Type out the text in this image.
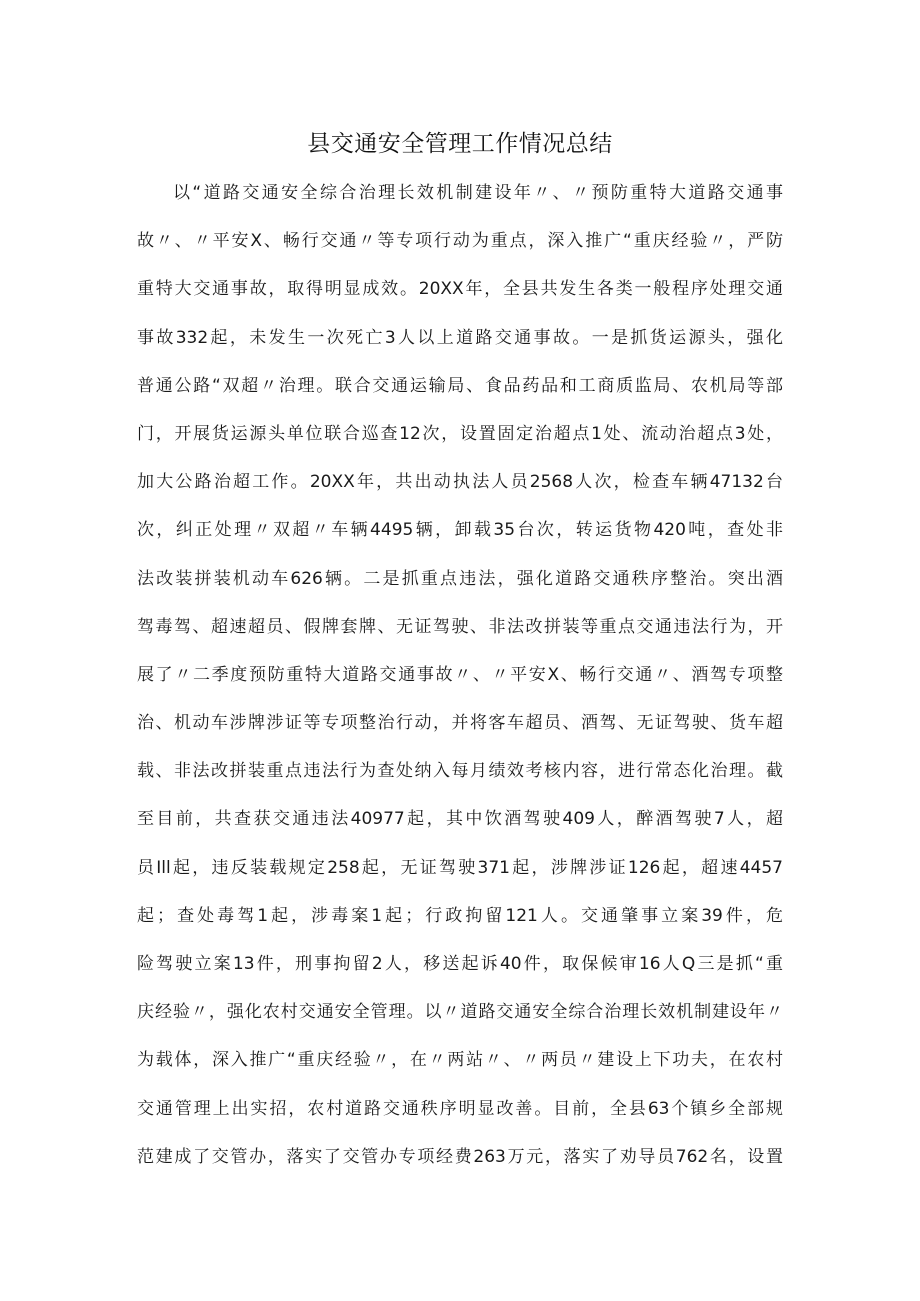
县交通安全管理工作情况总结
以“道路交通安全综合治理长效机制建设年〃、〃预防重特大道路交通事
故〃、〃平安X、畅行交通〃等专项行动为重点，深入推广“重庆经验〃，严防
重特大交通事故，取得明显成效。20XX年，全县共发生各类一般程序处理交通
事故332起，未发生一次死亡3人以上道路交通事故。一是抓货运源头，强化
普通公路“双超〃治理。联合交通运输局、食品药品和工商质监局、农机局等部
门，开展货运源头单位联合巡查12次，设置固定治超点1处、流动治超点3处，
加大公路治超工作。20XX年，共出动执法人员2568人次，检查车辆47132台
次，纠正处理〃双超〃车辆4495辆，卸载35台次，转运货物420吨，查处非
法改装拼装机动车626辆。二是抓重点违法，强化道路交通秩序整治。突出酒
驾毒驾、超速超员、假牌套牌、无证驾驶、非法改拼装等重点交通违法行为，开
展了〃二季度预防重特大道路交通事故〃、〃平安X、畅行交通〃、酒驾专项整
治、机动车涉牌涉证等专项整治行动，并将客车超员、酒驾、无证驾驶、货车超
载、非法改拼装重点违法行为查处纳入每月绩效考核内容，进行常态化治理。截
至目前，共查获交通违法40977起，其中饮酒驾驶409人，醉酒驾驶7人，超
员Ill起，违反装载规定258起，无证驾驶371起，涉牌涉证126起，超速4457
起；查处毒驾1起，涉毒案1起；行政拘留121人。交通肇事立案39件，危
险驾驶立案13件，刑事拘留2人，移送起诉40件，取保候审16人Q三是抓“重
庆经验〃，强化农村交通安全管理。以〃道路交通安全综合治理长效机制建设年〃
为载体，深入推广“重庆经验〃，在〃两站〃、〃两员〃建设上下功夫，在农村
交通管理上出实招，农村道路交通秩序明显改善。目前，全县63个镇乡全部规
范建成了交管办，落实了交管办专项经费263万元，落实了劝导员762名，设置
